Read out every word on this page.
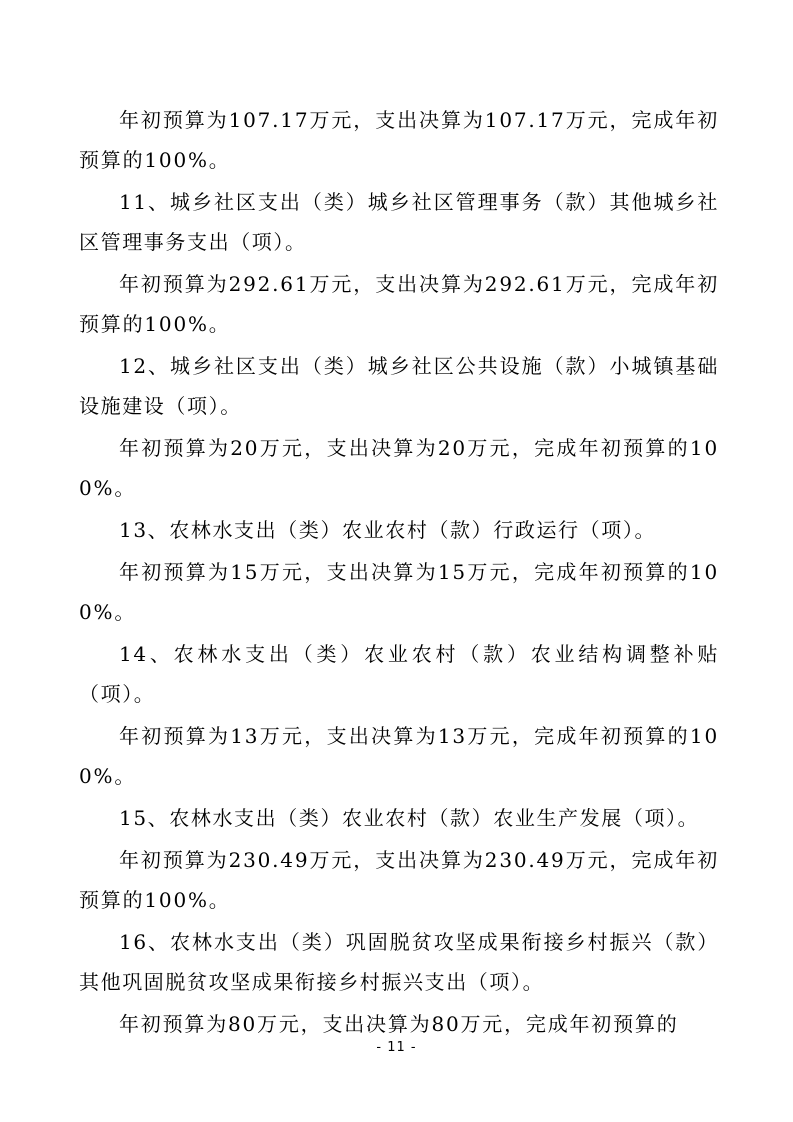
年初预算为107.17万元，支出决算为107.17万元，完成年初预算的100%。

11、城乡社区支出（类）城乡社区管理事务（款）其他城乡社区管理事务支出（项）。

年初预算为292.61万元，支出决算为292.61万元，完成年初预算的100%。

12、城乡社区支出（类）城乡社区公共设施（款）小城镇基础设施建设（项）。

年初预算为20万元，支出决算为20万元，完成年初预算的100%。

13、农林水支出（类）农业农村（款）行政运行（项）。

年初预算为15万元，支出决算为15万元，完成年初预算的100%。

14、农林水支出（类）农业农村（款）农业结构调整补贴（项）。

年初预算为13万元，支出决算为13万元，完成年初预算的100%。

15、农林水支出（类）农业农村（款）农业生产发展（项）。

年初预算为230.49万元，支出决算为230.49万元，完成年初预算的100%。

16、农林水支出（类）巩固脱贫攻坚成果衔接乡村振兴（款）其他巩固脱贫攻坚成果衔接乡村振兴支出（项）。

年初预算为80万元，支出决算为80万元，完成年初预算的

- 11 -
